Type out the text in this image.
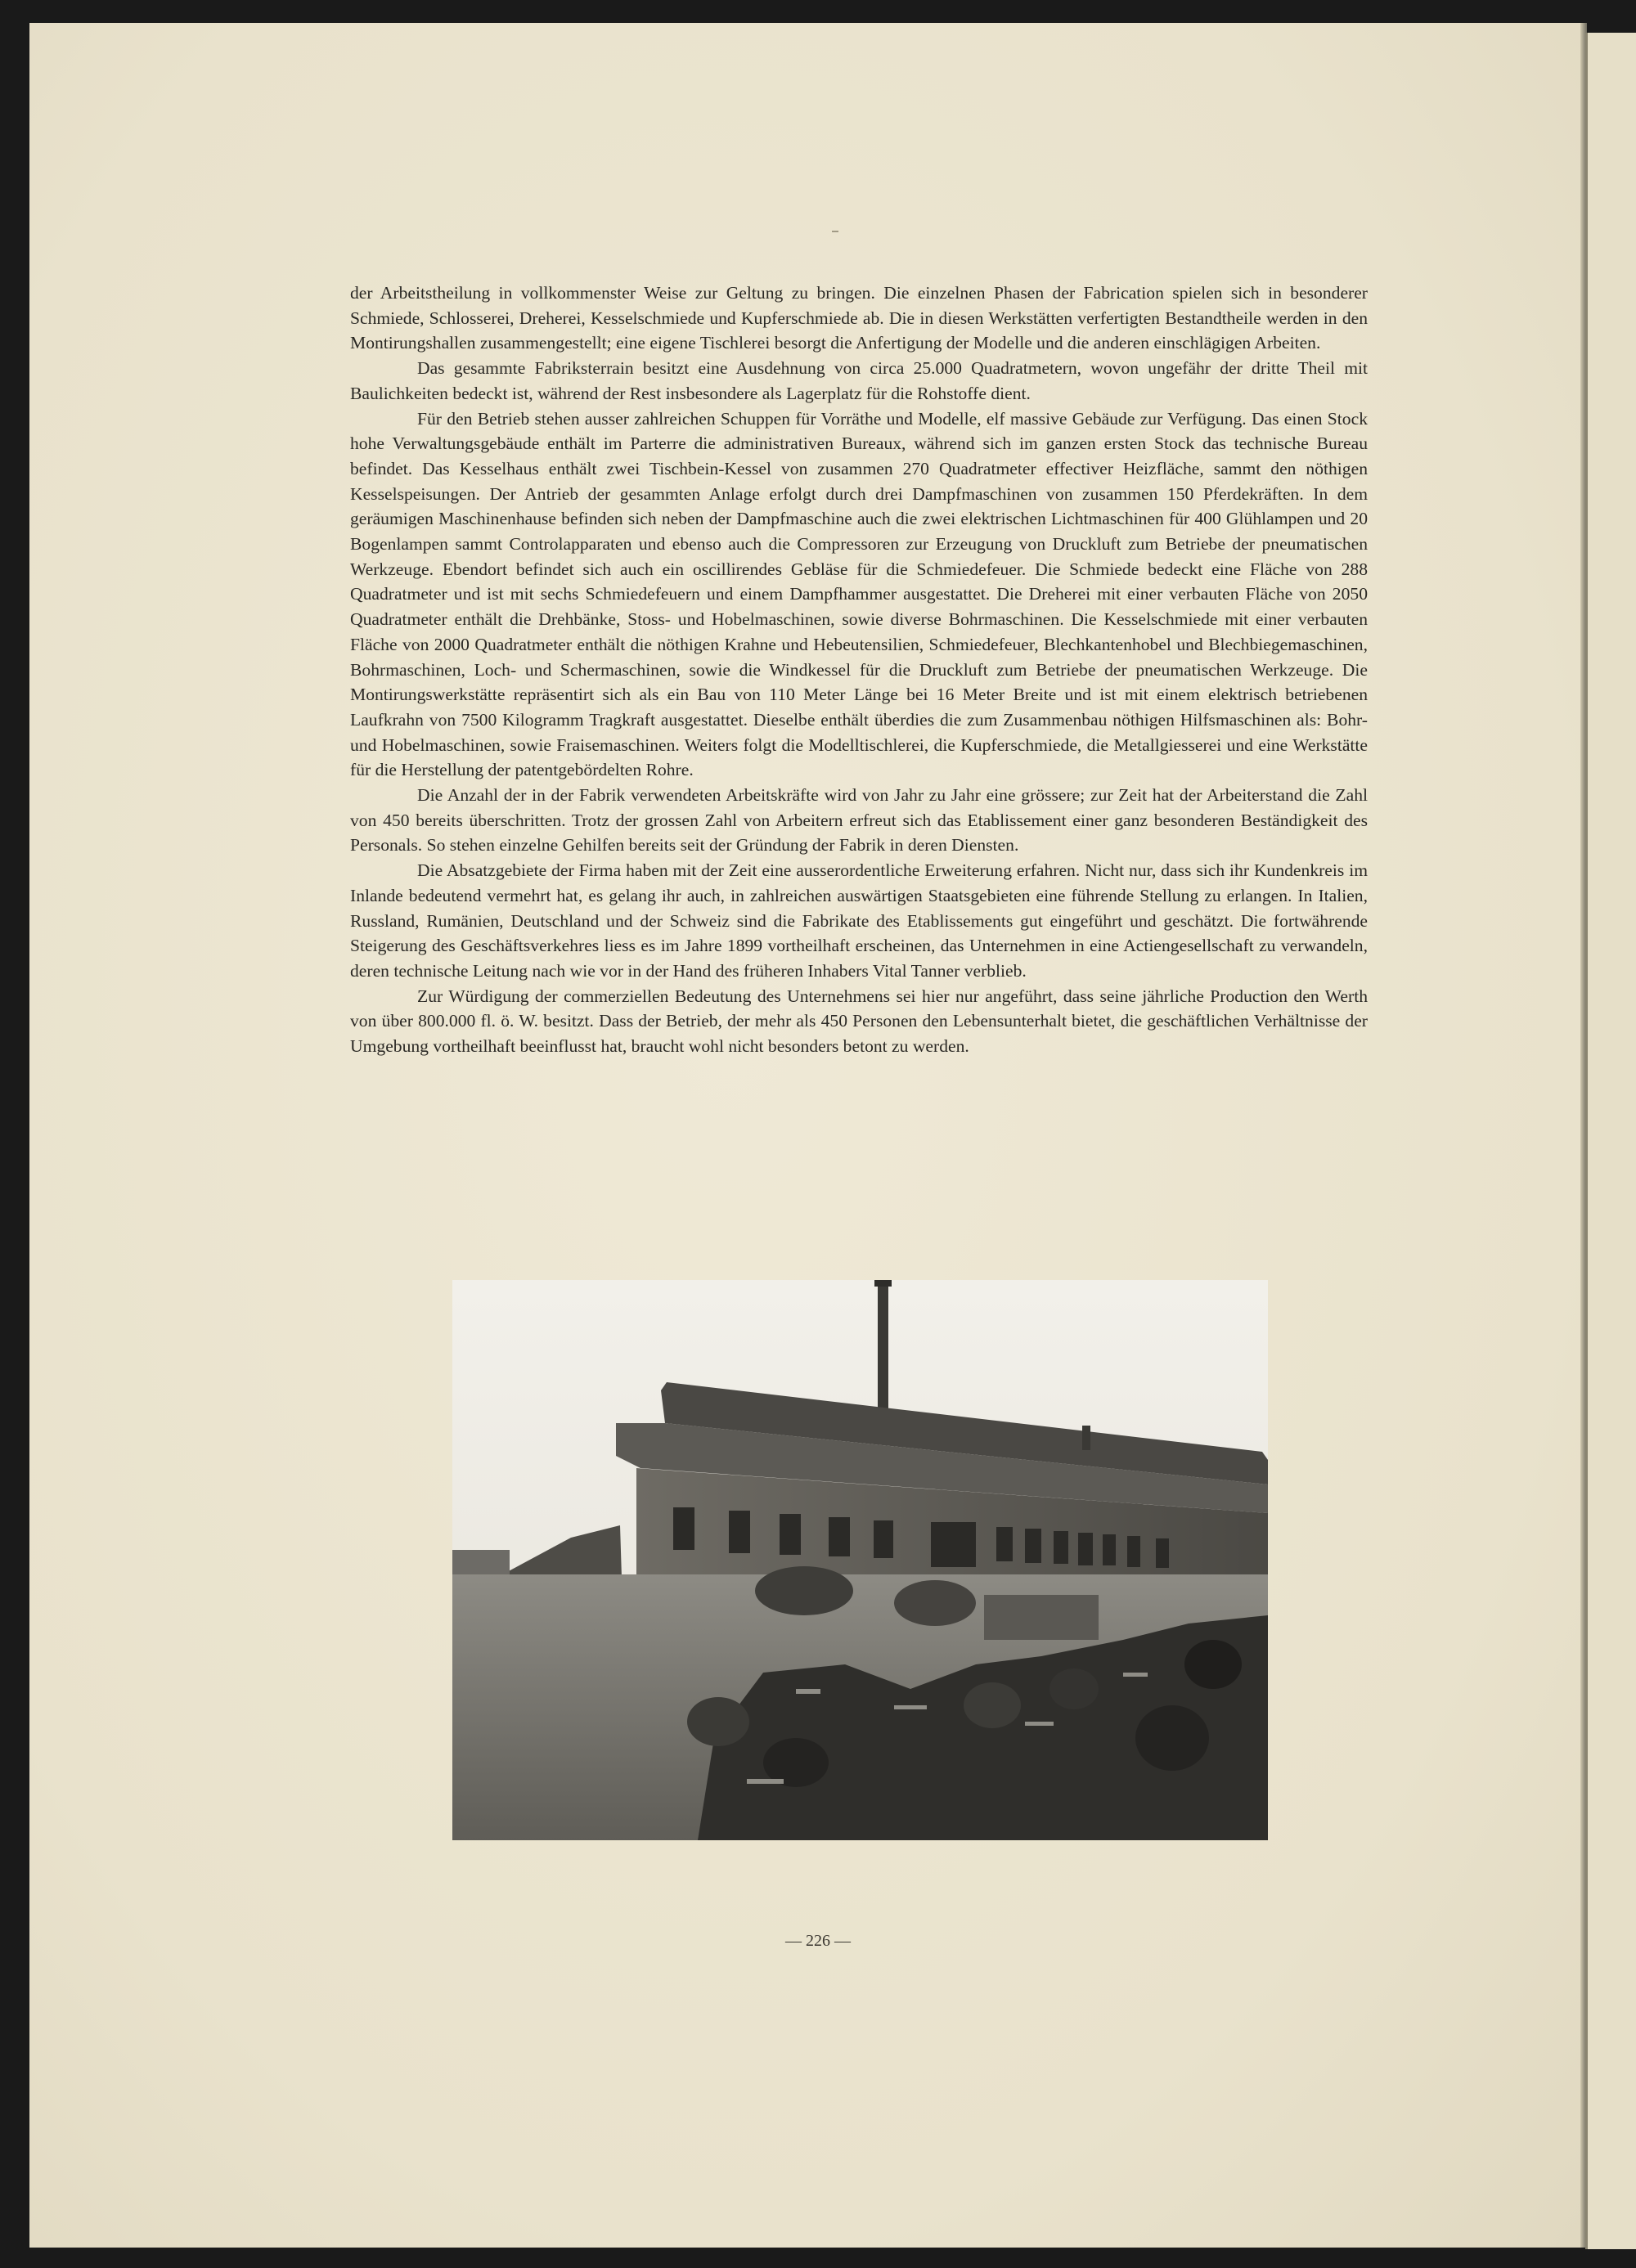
der Arbeitstheilung in vollkommenster Weise zur Geltung zu bringen. Die einzelnen Phasen der Fabrication spielen sich in besonderer Schmiede, Schlosserei, Dreherei, Kesselschmiede und Kupferschmiede ab. Die in diesen Werkstätten verfertigten Bestandtheile werden in den Montirungshallen zusammengestellt; eine eigene Tischlerei besorgt die Anfertigung der Modelle und die anderen einschlägigen Arbeiten.

Das gesammte Fabriksterrain besitzt eine Ausdehnung von circa 25.000 Quadratmetern, wovon ungefähr der dritte Theil mit Baulichkeiten bedeckt ist, während der Rest insbesondere als Lagerplatz für die Rohstoffe dient.

Für den Betrieb stehen ausser zahlreichen Schuppen für Vorräthe und Modelle, elf massive Gebäude zur Verfügung. Das einen Stock hohe Verwaltungsgebäude enthält im Parterre die administrativen Bureaux, während sich im ganzen ersten Stock das technische Bureau befindet. Das Kesselhaus enthält zwei Tischbein-Kessel von zusammen 270 Quadratmeter effectiver Heizfläche, sammt den nöthigen Kesselspeisungen. Der Antrieb der gesammten Anlage erfolgt durch drei Dampfmaschinen von zusammen 150 Pferdekräften. In dem geräumigen Maschinenhause befinden sich neben der Dampfmaschine auch die zwei elektrischen Lichtmaschinen für 400 Glühlampen und 20 Bogenlampen sammt Controlapparaten und ebenso auch die Compressoren zur Erzeugung von Druckluft zum Betriebe der pneumatischen Werkzeuge. Ebendort befindet sich auch ein oscillirendes Gebläse für die Schmiedefeuer. Die Schmiede bedeckt eine Fläche von 288 Quadratmeter und ist mit sechs Schmiedefeuern und einem Dampfhammer ausgestattet. Die Dreherei mit einer verbauten Fläche von 2050 Quadratmeter enthält die Drehbänke, Stoss- und Hobelmaschinen, sowie diverse Bohrmaschinen. Die Kesselschmiede mit einer verbauten Fläche von 2000 Quadratmeter enthält die nöthigen Krahne und Hebeutensilien, Schmiedefeuer, Blechkantenhobel und Blechbiegemaschinen, Bohrmaschinen, Loch- und Schermaschinen, sowie die Windkessel für die Druckluft zum Betriebe der pneumatischen Werkzeuge. Die Montirungswerkstätte repräsentirt sich als ein Bau von 110 Meter Länge bei 16 Meter Breite und ist mit einem elektrisch betriebenen Laufkrahn von 7500 Kilogramm Tragkraft ausgestattet. Dieselbe enthält überdies die zum Zusammenbau nöthigen Hilfsmaschinen als: Bohr- und Hobelmaschinen, sowie Fraisemaschinen. Weiters folgt die Modelltischlerei, die Kupferschmiede, die Metallgiesserei und eine Werkstätte für die Herstellung der patentgebördelten Rohre.

Die Anzahl der in der Fabrik verwendeten Arbeitskräfte wird von Jahr zu Jahr eine grössere; zur Zeit hat der Arbeiterstand die Zahl von 450 bereits überschritten. Trotz der grossen Zahl von Arbeitern erfreut sich das Etablissement einer ganz besonderen Beständigkeit des Personals. So stehen einzelne Gehilfen bereits seit der Gründung der Fabrik in deren Diensten.

Die Absatzgebiete der Firma haben mit der Zeit eine ausserordentliche Erweiterung erfahren. Nicht nur, dass sich ihr Kundenkreis im Inlande bedeutend vermehrt hat, es gelang ihr auch, in zahlreichen auswärtigen Staatsgebieten eine führende Stellung zu erlangen. In Italien, Russland, Rumänien, Deutschland und der Schweiz sind die Fabrikate des Etablissements gut eingeführt und geschätzt. Die fortwährende Steigerung des Geschäftsverkehres liess es im Jahre 1899 vortheilhaft erscheinen, das Unternehmen in eine Actiengesellschaft zu verwandeln, deren technische Leitung nach wie vor in der Hand des früheren Inhabers Vital Tanner verblieb.

Zur Würdigung der commerziellen Bedeutung des Unternehmens sei hier nur angeführt, dass seine jährliche Production den Werth von über 800.000 fl. ö. W. besitzt. Dass der Betrieb, der mehr als 450 Personen den Lebensunterhalt bietet, die geschäftlichen Verhältnisse der Umgebung vortheilhaft beeinflusst hat, braucht wohl nicht besonders betont zu werden.

— 226 —
